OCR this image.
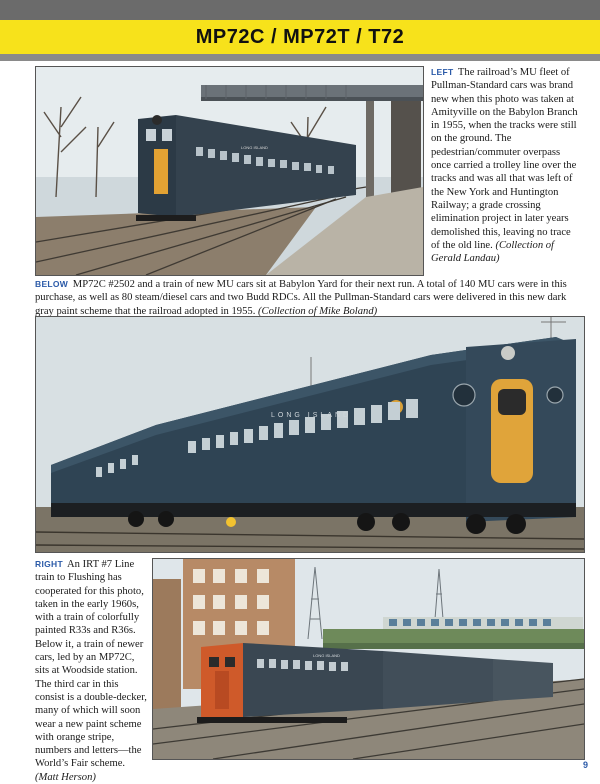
MP72C / MP72T / T72
LONG ISLAND
LEFT The railroad’s MU fleet of Pullman-Standard cars was brand new when this photo was taken at Amityville on the Babylon Branch in 1955, when the tracks were still on the ground. The pedestrian/commuter overpass once carried a trolley line over the tracks and was all that was left of the New York and Huntington Railway; a grade crossing elimination project in later years demolished this, leaving no trace of the old line. (Collection of Gerald Landau)
BELOW MP72C #2502 and a train of new MU cars sit at Babylon Yard for their next run. A total of 140 MU cars were in this purchase, as well as 80 steam/diesel cars and two Budd RDCs. All the Pullman-Standard cars were delivered in this new dark gray paint scheme that the railroad adopted in 1955. (Collection of Mike Boland)
LONG ISLAND
RIGHT An IRT #7 Line train to Flushing has cooperated for this photo, taken in the early 1960s, with a train of colorfully painted R33s and R36s. Below it, a train of newer cars, led by an MP72C, sits at Woodside station. The third car in this consist is a double-decker, many of which will soon wear a new paint scheme with orange stripe, numbers and letters—the World’s Fair scheme. (Matt Herson)
LONG ISLAND
9
